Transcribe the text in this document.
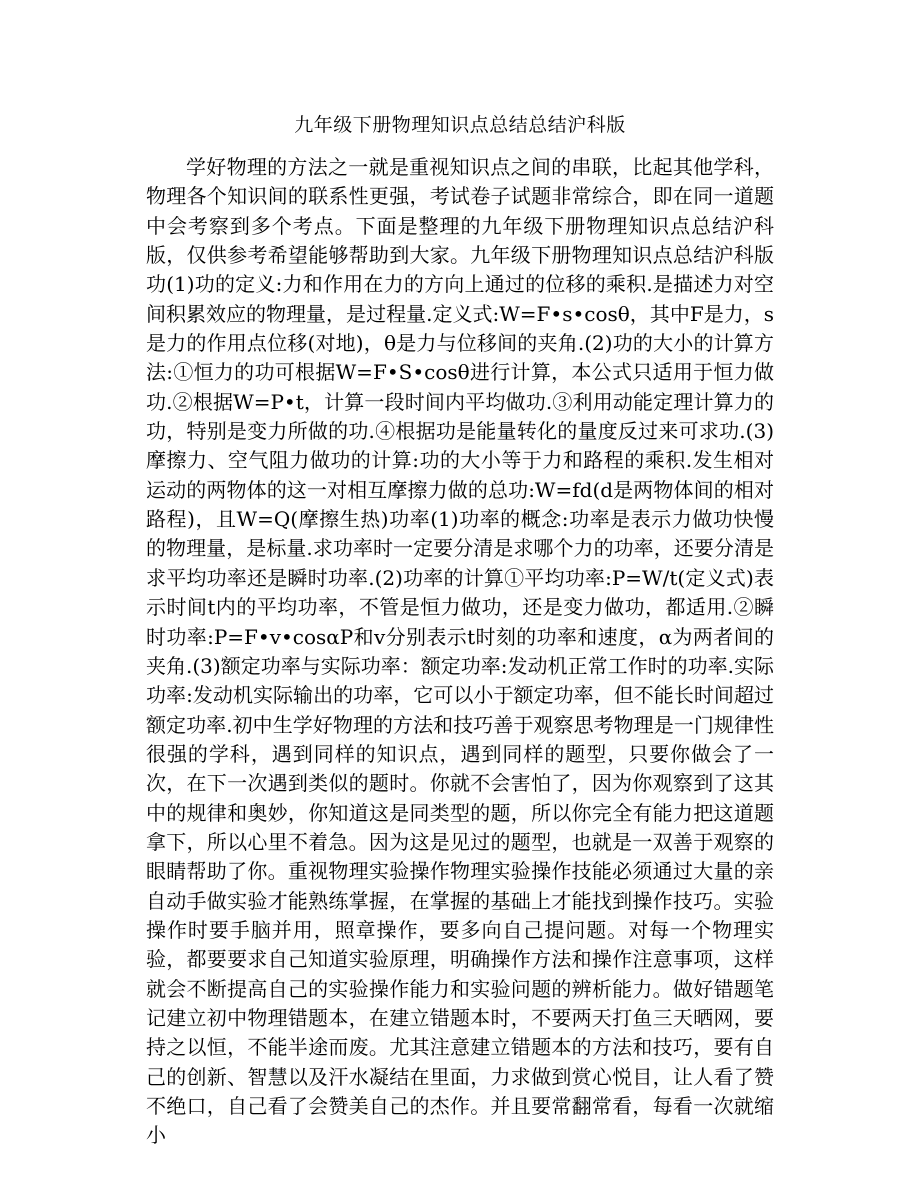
九年级下册物理知识点总结总结沪科版

学好物理的方法之一就是重视知识点之间的串联，比起其他学科，物理各个知识间的联系性更强，考试卷子试题非常综合，即在同一道题中会考察到多个考点。下面是整理的九年级下册物理知识点总结沪科版，仅供参考希望能够帮助到大家。九年级下册物理知识点总结沪科版功(1)功的定义:力和作用在力的方向上通过的位移的乘积.是描述力对空间积累效应的物理量，是过程量.定义式:W=F•s•cosθ，其中F是力，s是力的作用点位移(对地)，θ是力与位移间的夹角.(2)功的大小的计算方法:①恒力的功可根据W=F•S•cosθ进行计算，本公式只适用于恒力做功.②根据W=P•t，计算一段时间内平均做功.③利用动能定理计算力的功，特别是变力所做的功.④根据功是能量转化的量度反过来可求功.(3)摩擦力、空气阻力做功的计算:功的大小等于力和路程的乘积.发生相对运动的两物体的这一对相互摩擦力做的总功:W=fd(d是两物体间的相对路程)，且W=Q(摩擦生热)功率(1)功率的概念:功率是表示力做功快慢的物理量，是标量.求功率时一定要分清是求哪个力的功率，还要分清是求平均功率还是瞬时功率.(2)功率的计算①平均功率:P=W/t(定义式)表示时间t内的平均功率，不管是恒力做功，还是变力做功，都适用.②瞬时功率:P=F•v•cosαP和v分别表示t时刻的功率和速度，α为两者间的夹角.(3)额定功率与实际功率：额定功率:发动机正常工作时的功率.实际功率:发动机实际输出的功率，它可以小于额定功率，但不能长时间超过额定功率.初中生学好物理的方法和技巧善于观察思考物理是一门规律性很强的学科，遇到同样的知识点，遇到同样的题型，只要你做会了一次，在下一次遇到类似的题时。你就不会害怕了，因为你观察到了这其中的规律和奥妙，你知道这是同类型的题，所以你完全有能力把这道题拿下，所以心里不着急。因为这是见过的题型，也就是一双善于观察的眼睛帮助了你。重视物理实验操作物理实验操作技能必须通过大量的亲自动手做实验才能熟练掌握，在掌握的基础上才能找到操作技巧。实验操作时要手脑并用，照章操作，要多向自己提问题。对每一个物理实验，都要要求自己知道实验原理，明确操作方法和操作注意事项，这样就会不断提高自己的实验操作能力和实验问题的辨析能力。做好错题笔记建立初中物理错题本，在建立错题本时，不要两天打鱼三天晒网，要持之以恒，不能半途而废。尤其注意建立错题本的方法和技巧，要有自己的创新、智慧以及汗水凝结在里面，力求做到赏心悦目，让人看了赞不绝口，自己看了会赞美自己的杰作。并且要常翻常看，每看一次就缩小
